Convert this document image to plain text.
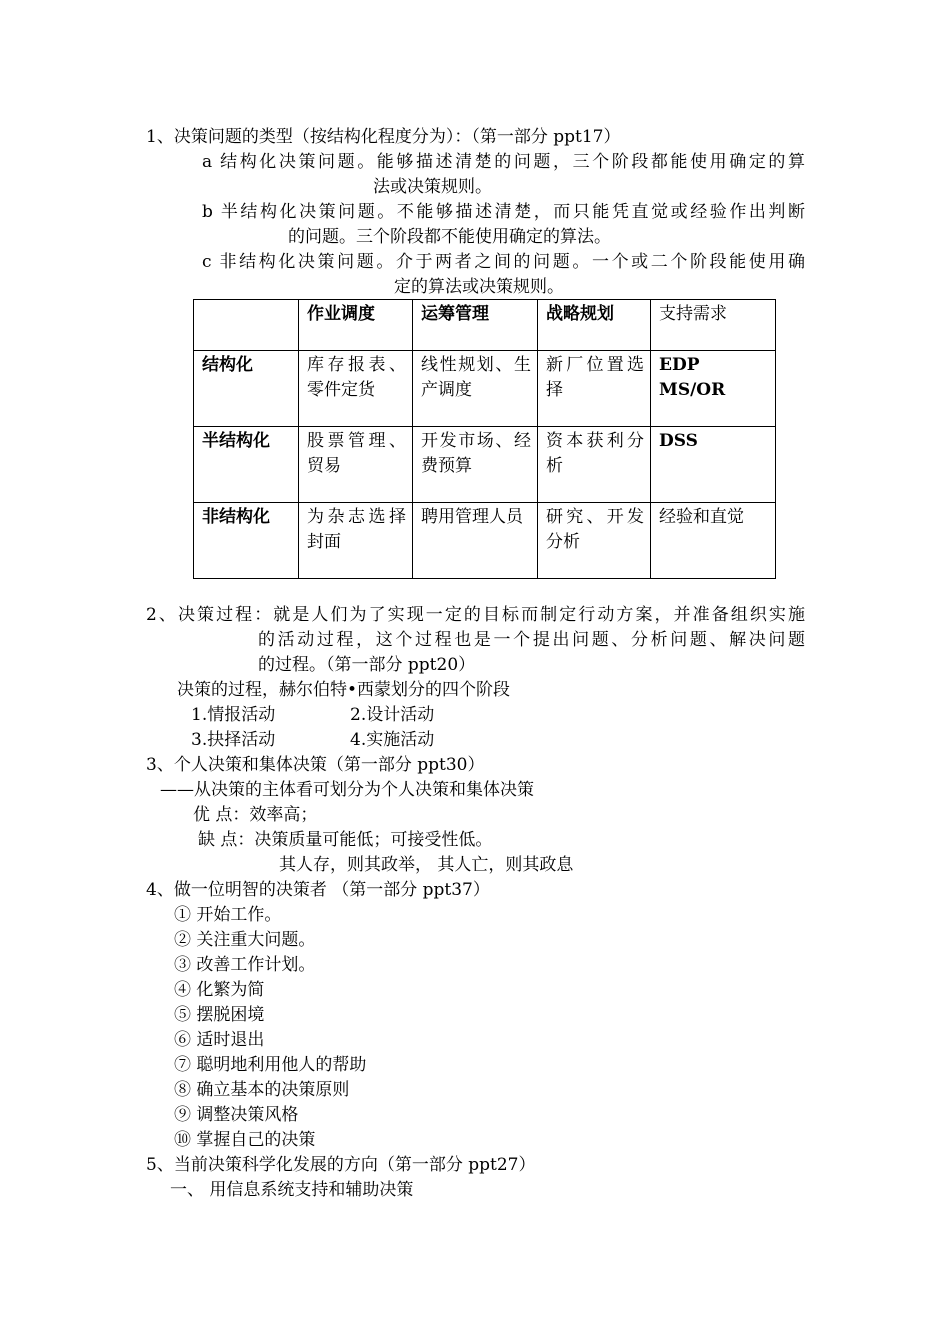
1、决策问题的类型（按结构化程度分为）：（第一部分 ppt17）
a 结构化决策问题。能够描述清楚的问题，三个阶段都能使用确定的算
法或决策规则。
b 半结构化决策问题。不能够描述清楚，而只能凭直觉或经验作出判断
的问题。三个阶段都不能使用确定的算法。
c 非结构化决策问题。介于两者之间的问题。一个或二个阶段能使用确
定的算法或决策规则。
	作业调度	运筹管理	战略规划	支持需求
结构化	库存报表、零件定货	线性规划、生产调度	新厂位置选择	EDP MS/OR
半结构化	股票管理、贸易	开发市场、经费预算	资本获利分析	DSS
非结构化	为杂志选择封面	聘用管理人员	研究、开发分析	经验和直觉
2、决策过程：就是人们为了实现一定的目标而制定行动方案，并准备组织实施
的活动过程，这个过程也是一个提出问题、分析问题、解决问题
的过程。（第一部分 ppt20）
决策的过程，赫尔伯特•西蒙划分的四个阶段
1.情报活动	2.设计活动
3.抉择活动	4.实施活动
3、个人决策和集体决策（第一部分 ppt30）
——从决策的主体看可划分为个人决策和集体决策
优 点：效率高；
缺 点：决策质量可能低；可接受性低。
其人存，则其政举， 其人亡，则其政息
4、做一位明智的决策者 （第一部分 ppt37）
① 开始工作。
② 关注重大问题。
③ 改善工作计划。
④ 化繁为简
⑤ 摆脱困境
⑥ 适时退出
⑦ 聪明地利用他人的帮助
⑧ 确立基本的决策原则
⑨ 调整决策风格
⑩ 掌握自己的决策
5、当前决策科学化发展的方向（第一部分 ppt27）
一、 用信息系统支持和辅助决策
